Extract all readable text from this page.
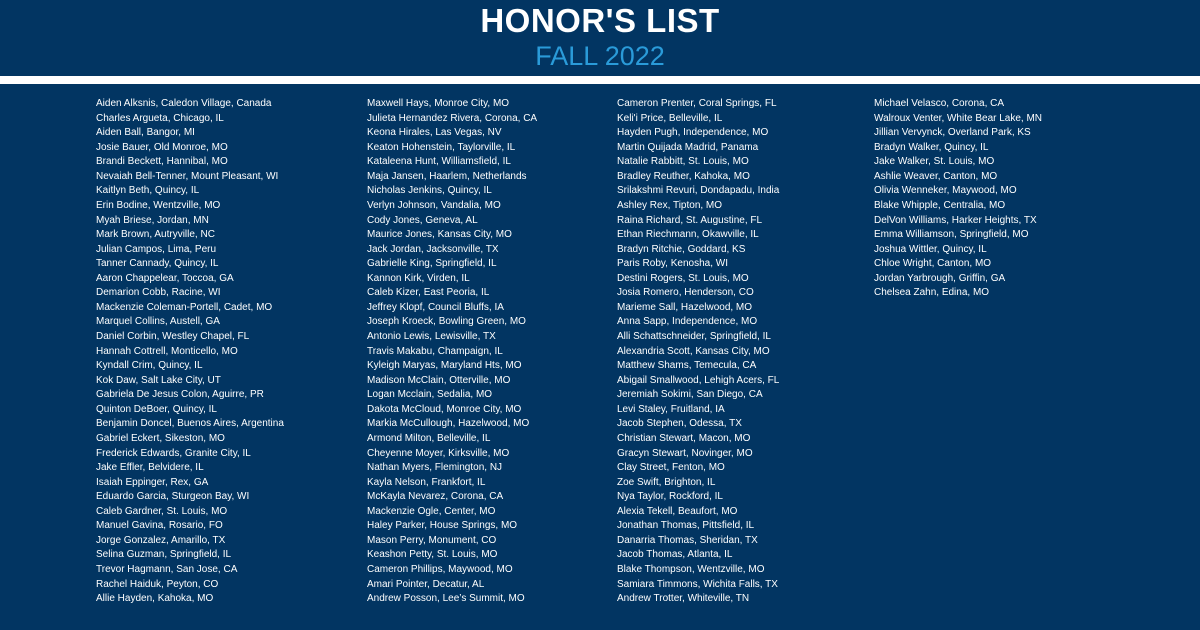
HONOR'S LIST
FALL 2022
Aiden Alksnis, Caledon Village, Canada
Charles Argueta, Chicago, IL
Aiden Ball, Bangor, MI
Josie Bauer, Old Monroe, MO
Brandi Beckett, Hannibal, MO
Nevaiah Bell-Tenner, Mount Pleasant, WI
Kaitlyn Beth, Quincy, IL
Erin Bodine, Wentzville, MO
Myah Briese, Jordan, MN
Mark Brown, Autryville, NC
Julian Campos, Lima, Peru
Tanner Cannady, Quincy, IL
Aaron Chappelear, Toccoa, GA
Demarion Cobb, Racine, WI
Mackenzie Coleman-Portell, Cadet, MO
Marquel Collins, Austell, GA
Daniel Corbin, Westley Chapel, FL
Hannah Cottrell, Monticello, MO
Kyndall Crim, Quincy, IL
Kok Daw, Salt Lake City, UT
Gabriela De Jesus Colon, Aguirre, PR
Quinton DeBoer, Quincy, IL
Benjamin Doncel, Buenos Aires, Argentina
Gabriel Eckert, Sikeston, MO
Frederick Edwards, Granite City, IL
Jake Effler, Belvidere, IL
Isaiah Eppinger, Rex, GA
Eduardo Garcia, Sturgeon Bay, WI
Caleb Gardner, St. Louis, MO
Manuel Gavina, Rosario, FO
Jorge Gonzalez, Amarillo, TX
Selina Guzman, Springfield, IL
Trevor Hagmann, San Jose, CA
Rachel Haiduk, Peyton, CO
Allie Hayden, Kahoka, MO
Maxwell Hays, Monroe City, MO
Julieta Hernandez Rivera, Corona, CA
Keona Hirales, Las Vegas, NV
Keaton Hohenstein, Taylorville, IL
Kataleena Hunt, Williamsfield, IL
Maja Jansen, Haarlem, Netherlands
Nicholas Jenkins, Quincy, IL
Verlyn Johnson, Vandalia, MO
Cody Jones, Geneva, AL
Maurice Jones, Kansas City, MO
Jack Jordan, Jacksonville, TX
Gabrielle King, Springfield, IL
Kannon Kirk, Virden, IL
Caleb Kizer, East Peoria, IL
Jeffrey Klopf, Council Bluffs, IA
Joseph Kroeck, Bowling Green, MO
Antonio Lewis, Lewisville, TX
Travis Makabu, Champaign, IL
Kyleigh Maryas, Maryland Hts, MO
Madison McClain, Otterville, MO
Logan Mcclain, Sedalia, MO
Dakota McCloud, Monroe City, MO
Markia McCullough, Hazelwood, MO
Armond Milton, Belleville, IL
Cheyenne Moyer, Kirksville, MO
Nathan Myers, Flemington, NJ
Kayla Nelson, Frankfort, IL
McKayla Nevarez, Corona, CA
Mackenzie Ogle, Center, MO
Haley Parker, House Springs, MO
Mason Perry, Monument, CO
Keashon Petty, St. Louis, MO
Cameron Phillips, Maywood, MO
Amari Pointer, Decatur, AL
Andrew Posson, Lee’s Summit, MO
Cameron Prenter, Coral Springs, FL
Keli'i Price, Belleville, IL
Hayden Pugh, Independence, MO
Martin Quijada Madrid, Panama
Natalie Rabbitt, St. Louis, MO
Bradley Reuther, Kahoka, MO
Srilakshmi Revuri, Dondapadu, India
Ashley Rex, Tipton, MO
Raina Richard, St. Augustine, FL
Ethan Riechmann, Okawville, IL
Bradyn Ritchie, Goddard, KS
Paris Roby, Kenosha, WI
Destini Rogers, St. Louis, MO
Josia Romero, Henderson, CO
Marieme Sall, Hazelwood, MO
Anna Sapp, Independence, MO
Alli Schattschneider, Springfield, IL
Alexandria Scott, Kansas City, MO
Matthew Shams, Temecula, CA
Abigail Smallwood, Lehigh Acers, FL
Jeremiah Sokimi, San Diego, CA
Levi Staley, Fruitland, IA
Jacob Stephen, Odessa, TX
Christian Stewart, Macon, MO
Gracyn Stewart, Novinger, MO
Clay Street, Fenton, MO
Zoe Swift, Brighton, IL
Nya Taylor, Rockford, IL
Alexia Tekell, Beaufort, MO
Jonathan Thomas, Pittsfield, IL
Danarria Thomas, Sheridan, TX
Jacob Thomas, Atlanta, IL
Blake Thompson, Wentzville, MO
Samiara Timmons, Wichita Falls, TX
Andrew Trotter, Whiteville, TN
Michael Velasco, Corona, CA
Walroux Venter, White Bear Lake, MN
Jillian Vervynck, Overland Park, KS
Bradyn Walker, Quincy, IL
Jake Walker, St. Louis, MO
Ashlie Weaver, Canton, MO
Olivia Wenneker, Maywood, MO
Blake Whipple, Centralia, MO
DelVon Williams, Harker Heights, TX
Emma Williamson, Springfield, MO
Joshua Wittler, Quincy, IL
Chloe Wright, Canton, MO
Jordan Yarbrough, Griffin, GA
Chelsea Zahn, Edina, MO
